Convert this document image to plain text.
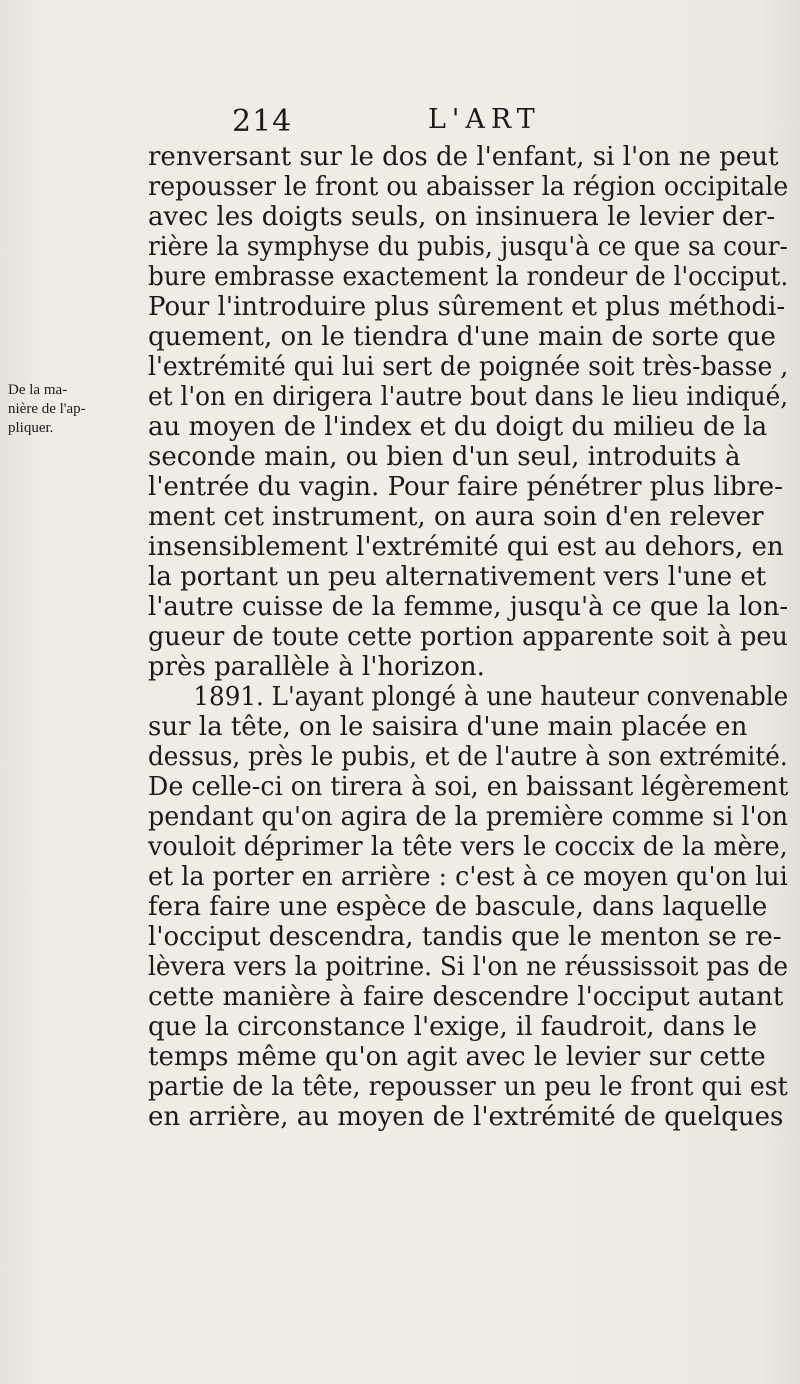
214	L'ART
De la ma-
nière de l'ap-
pliquer.
renversant sur le dos de l'enfant, si l'on ne peut
repousser le front ou abaisser la région occipitale
avec les doigts seuls, on insinuera le levier der-
rière la symphyse du pubis, jusqu'à ce que sa cour-
bure embrasse exactement la rondeur de l'occiput.
Pour l'introduire plus sûrement et plus méthodi-
quement, on le tiendra d'une main de sorte que
l'extrémité qui lui sert de poignée soit très-basse ,
et l'on en dirigera l'autre bout dans le lieu indiqué,
au moyen de l'index et du doigt du milieu de la
seconde main, ou bien d'un seul, introduits à
l'entrée du vagin. Pour faire pénétrer plus libre-
ment cet instrument, on aura soin d'en relever
insensiblement l'extrémité qui est au dehors, en
la portant un peu alternativement vers l'une et
l'autre cuisse de la femme, jusqu'à ce que la lon-
gueur de toute cette portion apparente soit à peu
près parallèle à l'horizon.
1891. L'ayant plongé à une hauteur convenable
sur la tête, on le saisira d'une main placée en
dessus, près le pubis, et de l'autre à son extrémité.
De celle-ci on tirera à soi, en baissant légèrement
pendant qu'on agira de la première comme si l'on
vouloit déprimer la tête vers le coccix de la mère,
et la porter en arrière : c'est à ce moyen qu'on lui
fera faire une espèce de bascule, dans laquelle
l'occiput descendra, tandis que le menton se re-
lèvera vers la poitrine. Si l'on ne réussissoit pas de
cette manière à faire descendre l'occiput autant
que la circonstance l'exige, il faudroit, dans le
temps même qu'on agit avec le levier sur cette
partie de la tête, repousser un peu le front qui est
en arrière, au moyen de l'extrémité de quelques
